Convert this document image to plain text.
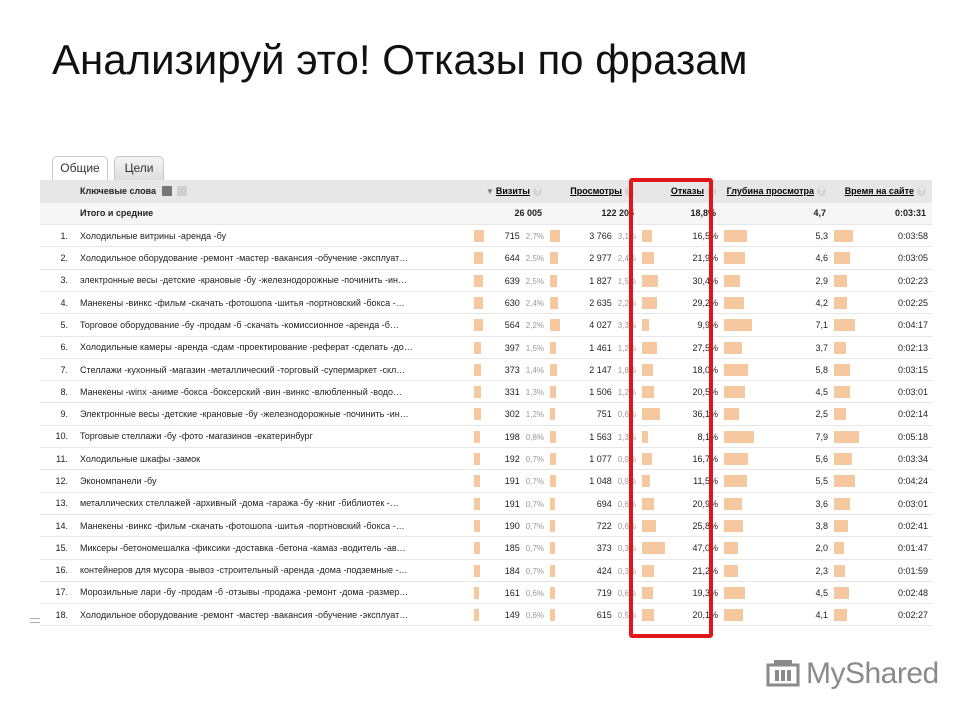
Анализируй это! Отказы по фразам
Общие	Цели
	Ключевые слова	▼ Визиты ?	Просмотры ?	Отказы ?	Глубина просмотра ?	Время на сайте ?
	Итого и средние	26 005	122 205	18,8%	4,7	0:03:31
1.	Холодильные витрины -аренда -бу	715 2,7%	3 766 3,1%	16,5%	5,3	0:03:58

2.	Холодильное оборудование -ремонт -мастер -вакансия -обучение -эксплуат…	644 2,5%	2 977 2,4%	21,9%	4,6	0:03:05

3.	электронные весы -детские -крановые -бу -железнодорожные -починить -ин…	639 2,5%	1 827 1,5%	30,4%	2,9	0:02:23

4.	Манекены -винкс -фильм -скачать -фотошопа -шитья -портновский -бокса -…	630 2,4%	2 635 2,2%	29,2%	4,2	0:02:25

5.	Торговое оборудование -бу -продам -б -скачать -комиссионное -аренда -б…	564 2,2%	4 027 3,3%	9,9%	7,1	0:04:17

6.	Холодильные камеры -аренда -сдам -проектирование -реферат -сделать -до…	397 1,5%	1 461 1,2%	27,5%	3,7	0:02:13

7.	Стеллажи -кухонный -магазин -металлический -торговый -супермаркет -скл…	373 1,4%	2 147 1,8%	18,0%	5,8	0:03:15

8.	Манекены -winx -аниме -бокса -боксерский -вин -винкс -влюбленный -водо…	331 1,3%	1 506 1,2%	20,5%	4,5	0:03:01

9.	Электронные весы -детские -крановые -бу -железнодорожные -починить -ин…	302 1,2%	751 0,6%	36,1%	2,5	0:02:14

10.	Торговые стеллажи -бу -фото -магазинов -екатеринбург	198 0,8%	1 563 1,3%	8,1%	7,9	0:05:18

11.	Холодильные шкафы -замок	192 0,7%	1 077 0,9%	16,7%	5,6	0:03:34

12.	Экономпанели -бу	191 0,7%	1 048 0,9%	11,5%	5,5	0:04:24

13.	металлических стеллажей -архивный -дома -гаража -бу -книг -библиотек -…	191 0,7%	694 0,6%	20,9%	3,6	0:03:01

14.	Манекены -винкс -фильм -скачать -фотошопа -шитья -портновский -бокса -…	190 0,7%	722 0,6%	25,8%	3,8	0:02:41

15.	Миксеры -бетономешалка -фиксики -доставка -бетона -камаз -водитель -ав…	185 0,7%	373 0,3%	47,0%	2,0	0:01:47

16.	контейнеров для мусора -вывоз -строительный -аренда -дома -подземные -…	184 0,7%	424 0,3%	21,2%	2,3	0:01:59

17.	Морозильные лари -бу -продам -б -отзывы -продажа -ремонт -дома -размер…	161 0,6%	719 0,6%	19,3%	4,5	0:02:48

18.	Холодильное оборудование -ремонт -мастер -вакансия -обучение -эксплуат…	149 0,6%	615 0,5%	20,1%	4,1	0:02:27
MyShared
